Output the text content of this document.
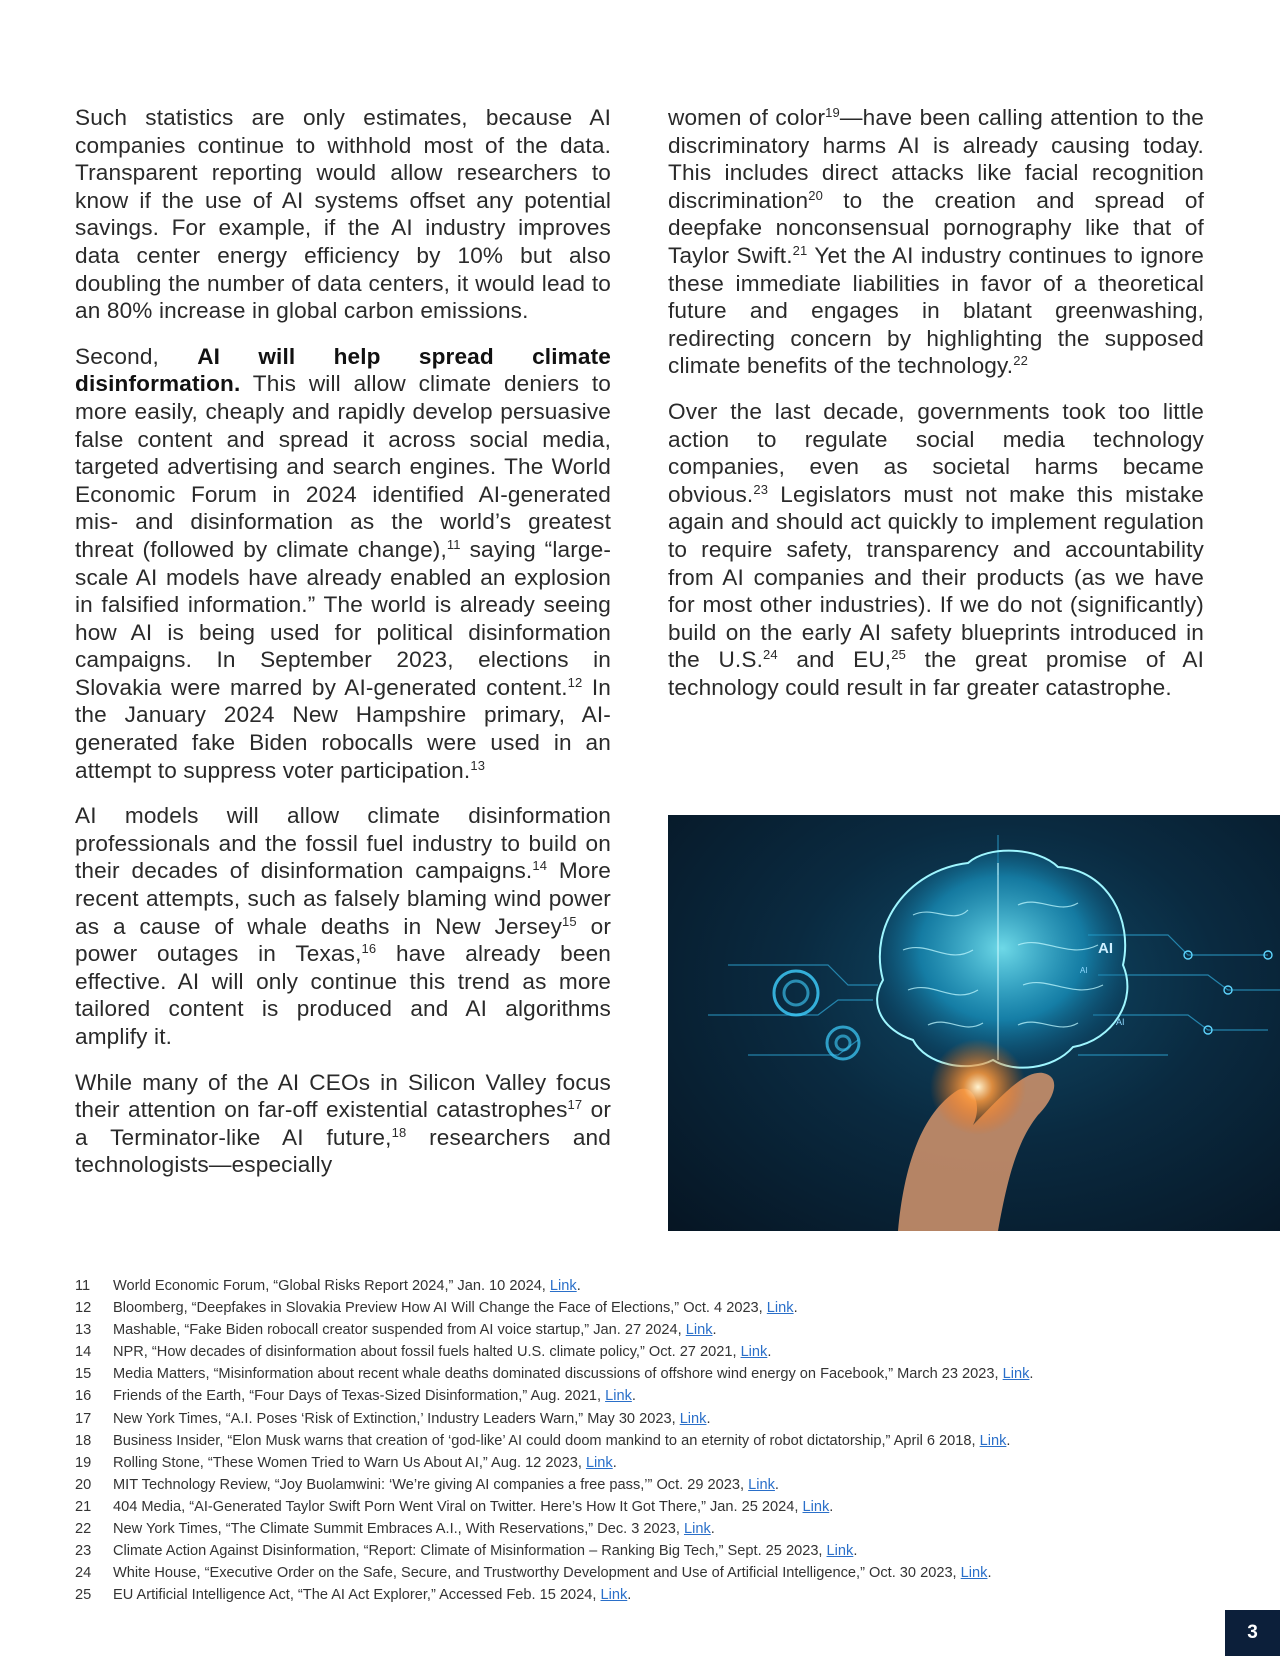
Such statistics are only estimates, because AI companies continue to withhold most of the data. Transparent reporting would allow researchers to know if the use of AI systems offset any potential savings. For example, if the AI industry improves data center energy efficiency by 10% but also doubling the number of data centers, it would lead to an 80% increase in global carbon emissions.

Second, AI will help spread climate disinformation. This will allow climate deniers to more easily, cheaply and rapidly develop persuasive false content and spread it across social media, targeted advertising and search engines. The World Economic Forum in 2024 identified AI-generated mis- and disinformation as the world’s greatest threat (followed by climate change),$^{11}$ saying “large-scale AI models have already enabled an explosion in falsified information.” The world is already seeing how AI is being used for political disinformation campaigns. In September 2023, elections in Slovakia were marred by AI-generated content.$^{12}$ In the January 2024 New Hampshire primary, AI-generated fake Biden robocalls were used in an attempt to suppress voter participation.$^{13}$

AI models will allow climate disinformation professionals and the fossil fuel industry to build on their decades of disinformation campaigns.$^{14}$ More recent attempts, such as falsely blaming wind power as a cause of whale deaths in New Jersey$^{15}$ or power outages in Texas,$^{16}$ have already been effective. AI will only continue this trend as more tailored content is produced and AI algorithms amplify it.

While many of the AI CEOs in Silicon Valley focus their attention on far-off existential catastrophes$^{17}$ or a Terminator-like AI future,$^{18}$ researchers and technologists—especially

women of color$^{19}$—have been calling attention to the discriminatory harms AI is already causing today. This includes direct attacks like facial recognition discrimination$^{20}$ to the creation and spread of deepfake nonconsensual pornography like that of Taylor Swift.$^{21}$ Yet the AI industry continues to ignore these immediate liabilities in favor of a theoretical future and engages in blatant greenwashing, redirecting concern by highlighting the supposed climate benefits of the technology.$^{22}$

Over the last decade, governments took too little action to regulate social media technology companies, even as societal harms became obvious.$^{23}$ Legislators must not make this mistake again and should act quickly to implement regulation to require safety, transparency and accountability from AI companies and their products (as we have for most other industries). If we do not (significantly) build on the early AI safety blueprints introduced in the U.S.$^{24}$ and EU,$^{25}$ the great promise of AI technology could result in far greater catastrophe.

AI
AI
AI
11	World Economic Forum, “Global Risks Report 2024,” Jan. 10 2024, Link.
12	Bloomberg, “Deepfakes in Slovakia Preview How AI Will Change the Face of Elections,” Oct. 4 2023, Link.
13	Mashable, “Fake Biden robocall creator suspended from AI voice startup,” Jan. 27 2024, Link.
14	NPR, “How decades of disinformation about fossil fuels halted U.S. climate policy,” Oct. 27 2021, Link.
15	Media Matters, “Misinformation about recent whale deaths dominated discussions of offshore wind energy on Facebook,” March 23 2023, Link.
16	Friends of the Earth, “Four Days of Texas-Sized Disinformation,” Aug. 2021, Link.
17	New York Times, “A.I. Poses ‘Risk of Extinction,’ Industry Leaders Warn,” May 30 2023, Link.
18	Business Insider, “Elon Musk warns that creation of ‘god-like’ AI could doom mankind to an eternity of robot dictatorship,” April 6 2018, Link.
19	Rolling Stone, “These Women Tried to Warn Us About AI,” Aug. 12 2023, Link.
20	MIT Technology Review, “Joy Buolamwini: ‘We’re giving AI companies a free pass,’” Oct. 29 2023, Link.
21	404 Media, “AI-Generated Taylor Swift Porn Went Viral on Twitter. Here’s How It Got There,” Jan. 25 2024, Link.
22	New York Times, “The Climate Summit Embraces A.I., With Reservations,” Dec. 3 2023, Link.
23	Climate Action Against Disinformation, “Report: Climate of Misinformation – Ranking Big Tech,” Sept. 25 2023, Link.
24	White House, “Executive Order on the Safe, Secure, and Trustworthy Development and Use of Artificial Intelligence,” Oct. 30 2023, Link.
25	EU Artificial Intelligence Act, “The AI Act Explorer,” Accessed Feb. 15 2024, Link.
3
